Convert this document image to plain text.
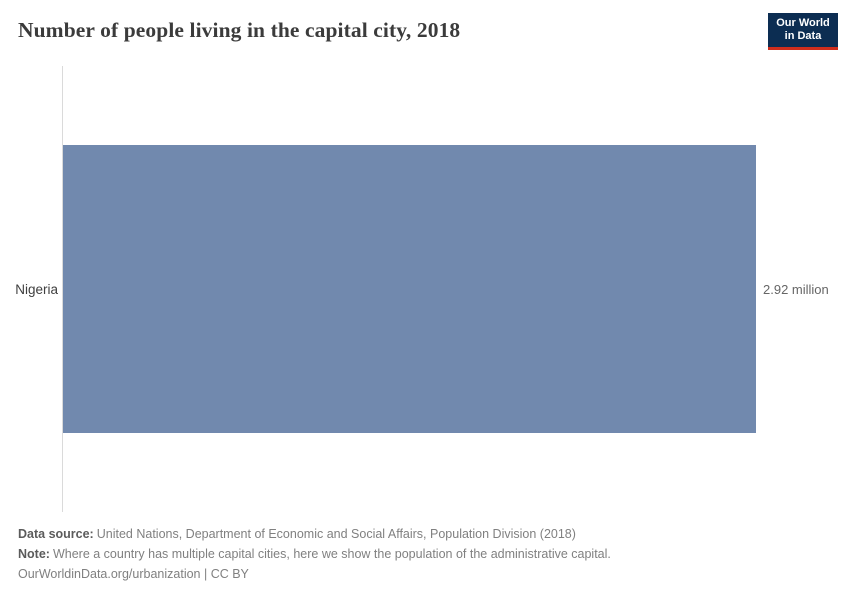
Number of people living in the capital city, 2018	Our World
in Data
Nigeria	2.92 million
Data source: United Nations, Department of Economic and Social Affairs, Population Division (2018)
Note: Where a country has multiple capital cities, here we show the population of the administrative capital.
OurWorldinData.org/urbanization | CC BY
